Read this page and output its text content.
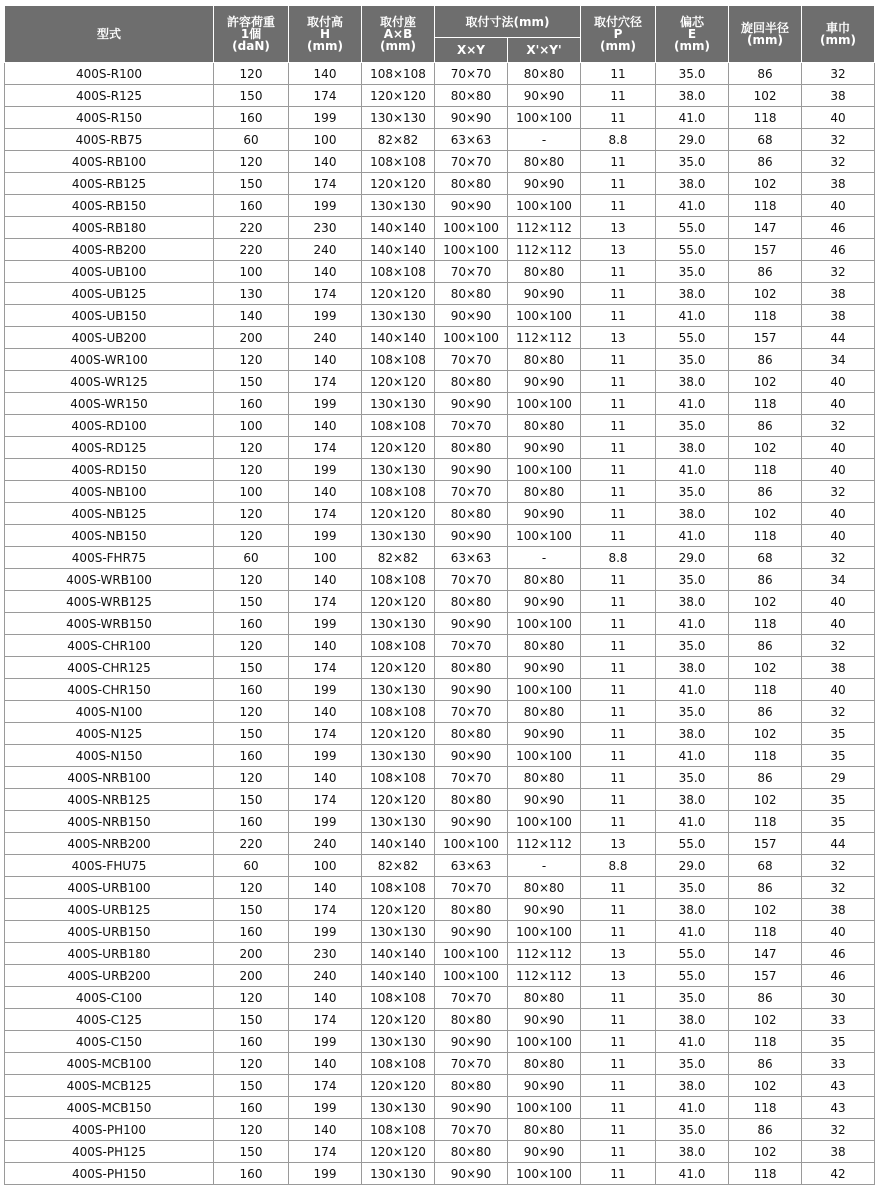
型式	許容荷重
1個
(daN)	取付高
H
(mm)	取付座
A×B
(mm)	取付寸法(mm)		取付穴径
P
(mm)	偏芯
E
(mm)	旋回半径
(mm)	車巾
(mm)

				X×Y	X'×Y'				

400S-R100	120	140	108×108	70×70	80×80	11	35.0	86	32
400S-R125	150	174	120×120	80×80	90×90	11	38.0	102	38
400S-R150	160	199	130×130	90×90	100×100	11	41.0	118	40
400S-RB75	60	100	82×82	63×63	-	8.8	29.0	68	32
400S-RB100	120	140	108×108	70×70	80×80	11	35.0	86	32
400S-RB125	150	174	120×120	80×80	90×90	11	38.0	102	38
400S-RB150	160	199	130×130	90×90	100×100	11	41.0	118	40
400S-RB180	220	230	140×140	100×100	112×112	13	55.0	147	46
400S-RB200	220	240	140×140	100×100	112×112	13	55.0	157	46
400S-UB100	100	140	108×108	70×70	80×80	11	35.0	86	32
400S-UB125	130	174	120×120	80×80	90×90	11	38.0	102	38
400S-UB150	140	199	130×130	90×90	100×100	11	41.0	118	38
400S-UB200	200	240	140×140	100×100	112×112	13	55.0	157	44
400S-WR100	120	140	108×108	70×70	80×80	11	35.0	86	34
400S-WR125	150	174	120×120	80×80	90×90	11	38.0	102	40
400S-WR150	160	199	130×130	90×90	100×100	11	41.0	118	40
400S-RD100	100	140	108×108	70×70	80×80	11	35.0	86	32
400S-RD125	120	174	120×120	80×80	90×90	11	38.0	102	40
400S-RD150	120	199	130×130	90×90	100×100	11	41.0	118	40
400S-NB100	100	140	108×108	70×70	80×80	11	35.0	86	32
400S-NB125	120	174	120×120	80×80	90×90	11	38.0	102	40
400S-NB150	120	199	130×130	90×90	100×100	11	41.0	118	40
400S-FHR75	60	100	82×82	63×63	-	8.8	29.0	68	32
400S-WRB100	120	140	108×108	70×70	80×80	11	35.0	86	34
400S-WRB125	150	174	120×120	80×80	90×90	11	38.0	102	40
400S-WRB150	160	199	130×130	90×90	100×100	11	41.0	118	40
400S-CHR100	120	140	108×108	70×70	80×80	11	35.0	86	32
400S-CHR125	150	174	120×120	80×80	90×90	11	38.0	102	38
400S-CHR150	160	199	130×130	90×90	100×100	11	41.0	118	40
400S-N100	120	140	108×108	70×70	80×80	11	35.0	86	32
400S-N125	150	174	120×120	80×80	90×90	11	38.0	102	35
400S-N150	160	199	130×130	90×90	100×100	11	41.0	118	35
400S-NRB100	120	140	108×108	70×70	80×80	11	35.0	86	29
400S-NRB125	150	174	120×120	80×80	90×90	11	38.0	102	35
400S-NRB150	160	199	130×130	90×90	100×100	11	41.0	118	35
400S-NRB200	220	240	140×140	100×100	112×112	13	55.0	157	44
400S-FHU75	60	100	82×82	63×63	-	8.8	29.0	68	32
400S-URB100	120	140	108×108	70×70	80×80	11	35.0	86	32
400S-URB125	150	174	120×120	80×80	90×90	11	38.0	102	38
400S-URB150	160	199	130×130	90×90	100×100	11	41.0	118	40
400S-URB180	200	230	140×140	100×100	112×112	13	55.0	147	46
400S-URB200	200	240	140×140	100×100	112×112	13	55.0	157	46
400S-C100	120	140	108×108	70×70	80×80	11	35.0	86	30
400S-C125	150	174	120×120	80×80	90×90	11	38.0	102	33
400S-C150	160	199	130×130	90×90	100×100	11	41.0	118	35
400S-MCB100	120	140	108×108	70×70	80×80	11	35.0	86	33
400S-MCB125	150	174	120×120	80×80	90×90	11	38.0	102	43
400S-MCB150	160	199	130×130	90×90	100×100	11	41.0	118	43
400S-PH100	120	140	108×108	70×70	80×80	11	35.0	86	32
400S-PH125	150	174	120×120	80×80	90×90	11	38.0	102	38
400S-PH150	160	199	130×130	90×90	100×100	11	41.0	118	42
